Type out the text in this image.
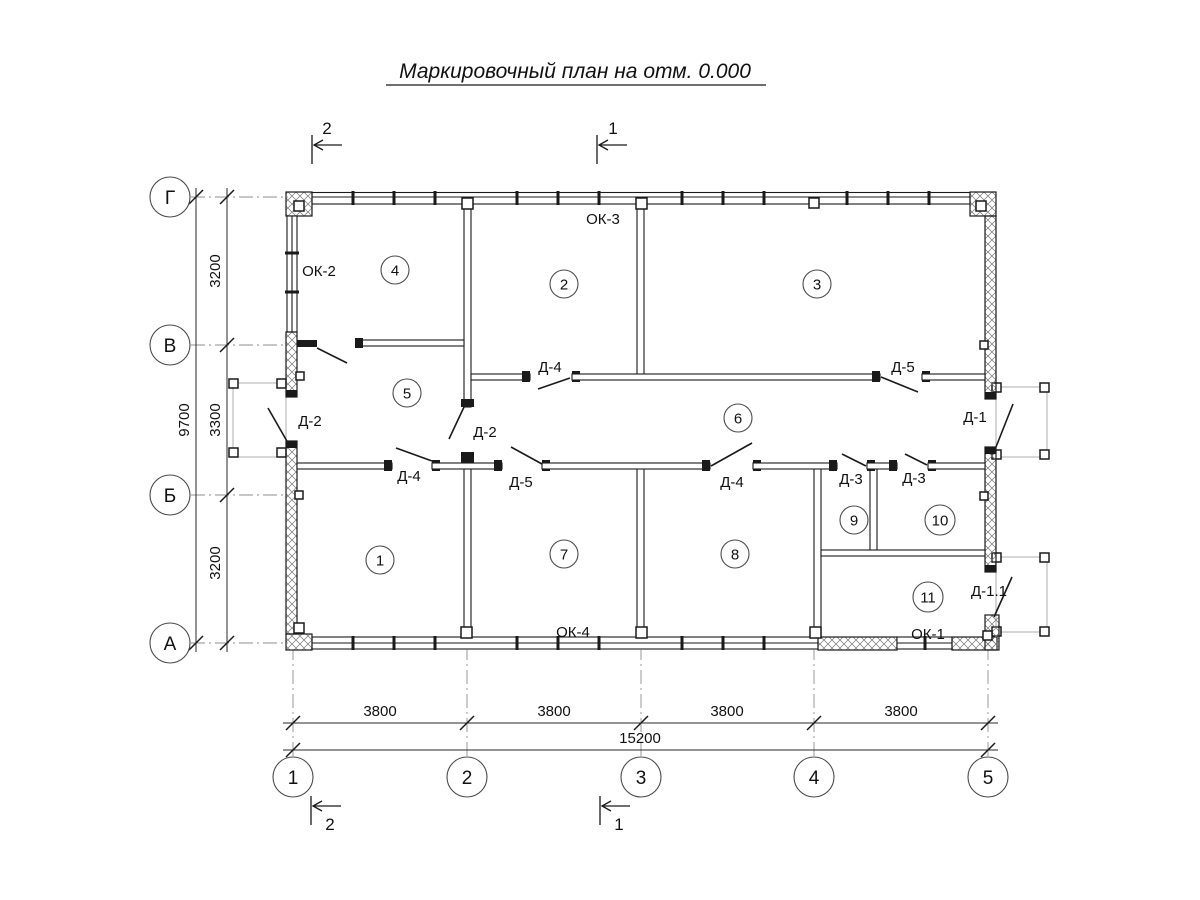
Маркировочный план на отм. 0.000
9700
3200
3300
3200
3800	3800	3800	3800
15200
Г
В
Б
А
1	2	3	4	5
2	1
2	1
ОК-2
ОК-3
ОК-4	ОК-1
Д-2
Д-2
Д-4	Д-5
Д-4
Д-4	Д-3	Д-3
Д-5
Д-1
Д-1.1
1
2	3
4
5
6
7	8
9	10
11
